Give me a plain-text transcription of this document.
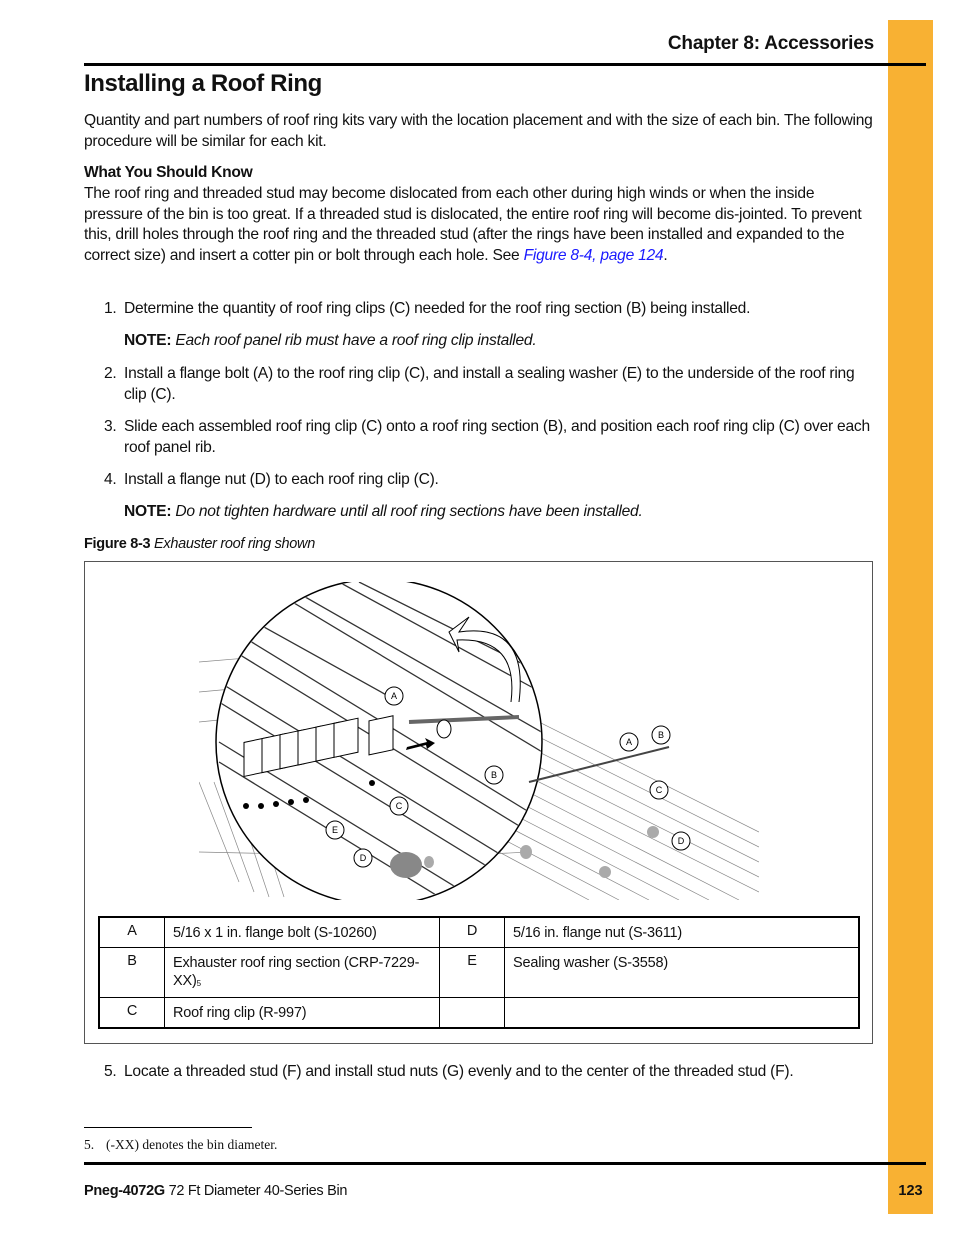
Chapter 8: Accessories
Installing a Roof Ring
Quantity and part numbers of roof ring kits vary with the location placement and with the size of each bin. The following procedure will be similar for each kit.
What You Should Know
The roof ring and threaded stud may become dislocated from each other during high winds or when the inside pressure of the bin is too great. If a threaded stud is dislocated, the entire roof ring will become dis-jointed. To prevent this, drill holes through the roof ring and the threaded stud (after the rings have been installed and expanded to the correct size) and insert a cotter pin or bolt through each hole. See Figure 8-4, page 124.
1. Determine the quantity of roof ring clips (C) needed for the roof ring section (B) being installed.
NOTE: Each roof panel rib must have a roof ring clip installed.
2. Install a flange bolt (A) to the roof ring clip (C), and install a sealing washer (E) to the underside of the roof ring clip (C).
3. Slide each assembled roof ring clip (C) onto a roof ring section (B), and position each roof ring clip (C) over each roof panel rib.
4. Install a flange nut (D) to each roof ring clip (C).
NOTE: Do not tighten hardware until all roof ring sections have been installed.
Figure 8-3 Exhauster roof ring shown
A
B
C
E
D
A
B
C
D
A	5/16 x 1 in. flange bolt (S-10260)	D	5/16 in. flange nut (S-3611)
B	Exhauster roof ring section (CRP-7229-XX)$^5$	E	Sealing washer (S-3558)
C	Roof ring clip (R-997)		
5. Locate a threaded stud (F) and install stud nuts (G) evenly and to the center of the threaded stud (F).
5. (-XX) denotes the bin diameter.
Pneg-4072G 72 Ft Diameter 40-Series Bin	123
